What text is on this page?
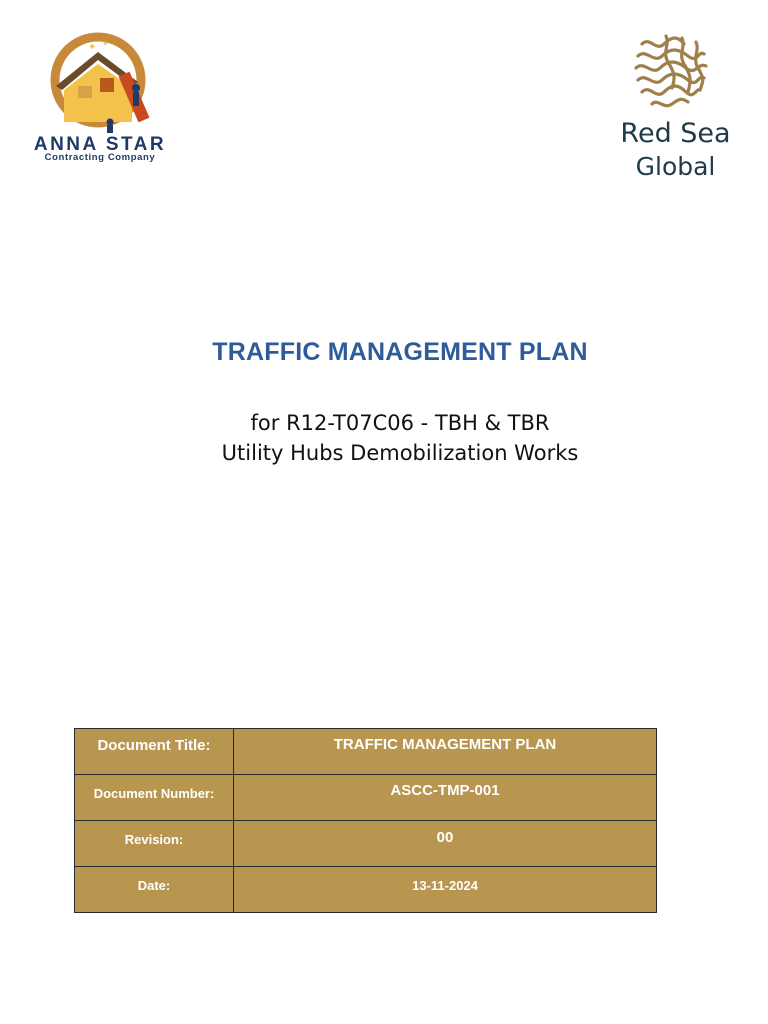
✦ ✦
ANNA STAR
Contracting Company
Red Sea
Global
TRAFFIC MANAGEMENT PLAN
for R12-T07C06 - TBH & TBR
Utility Hubs Demobilization Works
Document Title:	TRAFFIC MANAGEMENT PLAN

Document Number:	ASCC-TMP-001

Revision:	00

Date:	13-11-2024
